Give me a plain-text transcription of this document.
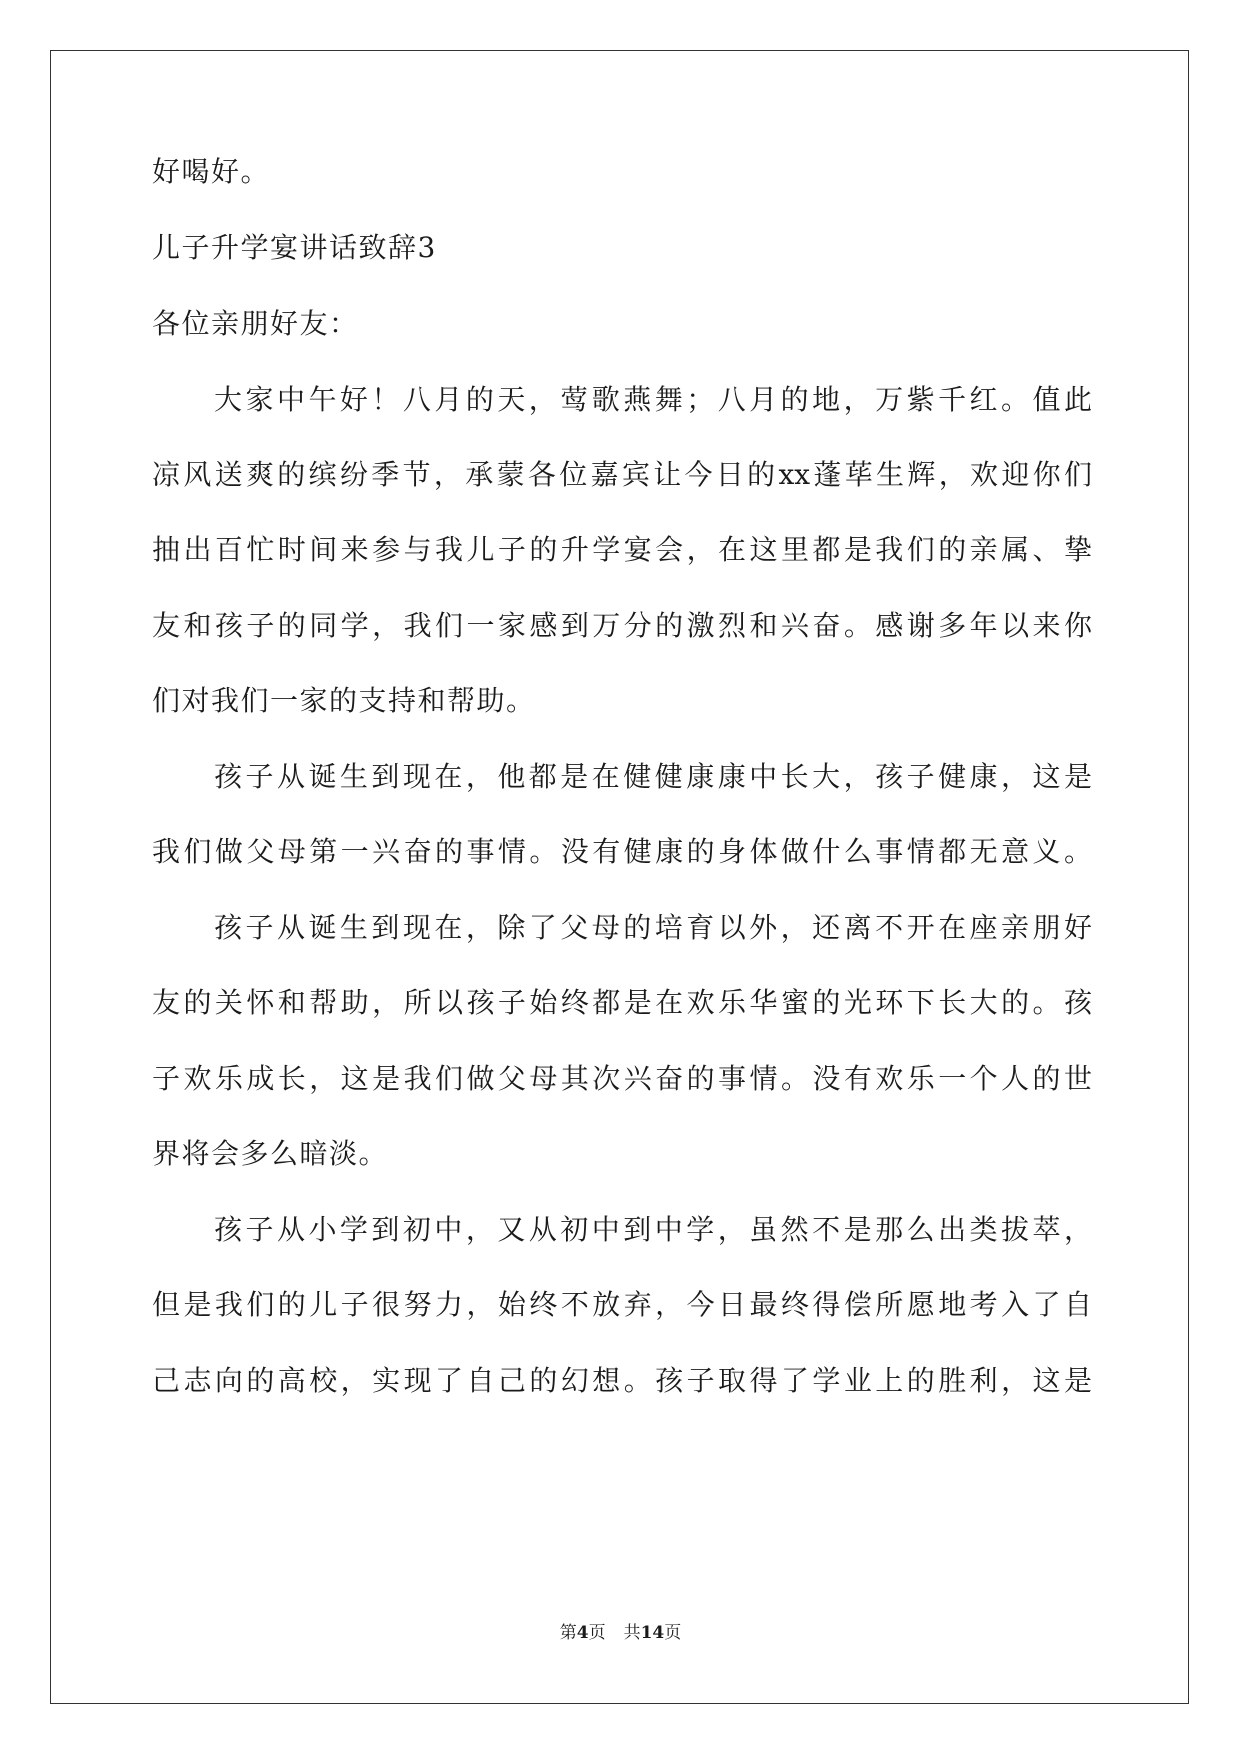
好喝好。
儿子升学宴讲话致辞3
各位亲朋好友：
大家中午好！八月的天，莺歌燕舞；八月的地，万紫千红。值此
凉风送爽的缤纷季节，承蒙各位嘉宾让今日的xx蓬荜生辉，欢迎你们
抽出百忙时间来参与我儿子的升学宴会，在这里都是我们的亲属、挚
友和孩子的同学，我们一家感到万分的激烈和兴奋。感谢多年以来你
们对我们一家的支持和帮助。
孩子从诞生到现在，他都是在健健康康中长大，孩子健康，这是
我们做父母第一兴奋的事情。没有健康的身体做什么事情都无意义。
孩子从诞生到现在，除了父母的培育以外，还离不开在座亲朋好
友的关怀和帮助，所以孩子始终都是在欢乐华蜜的光环下长大的。孩
子欢乐成长，这是我们做父母其次兴奋的事情。没有欢乐一个人的世
界将会多么暗淡。
孩子从小学到初中，又从初中到中学，虽然不是那么出类拔萃，
但是我们的儿子很努力，始终不放弃，今日最终得偿所愿地考入了自
己志向的高校，实现了自己的幻想。孩子取得了学业上的胜利，这是
第4页 共14页
